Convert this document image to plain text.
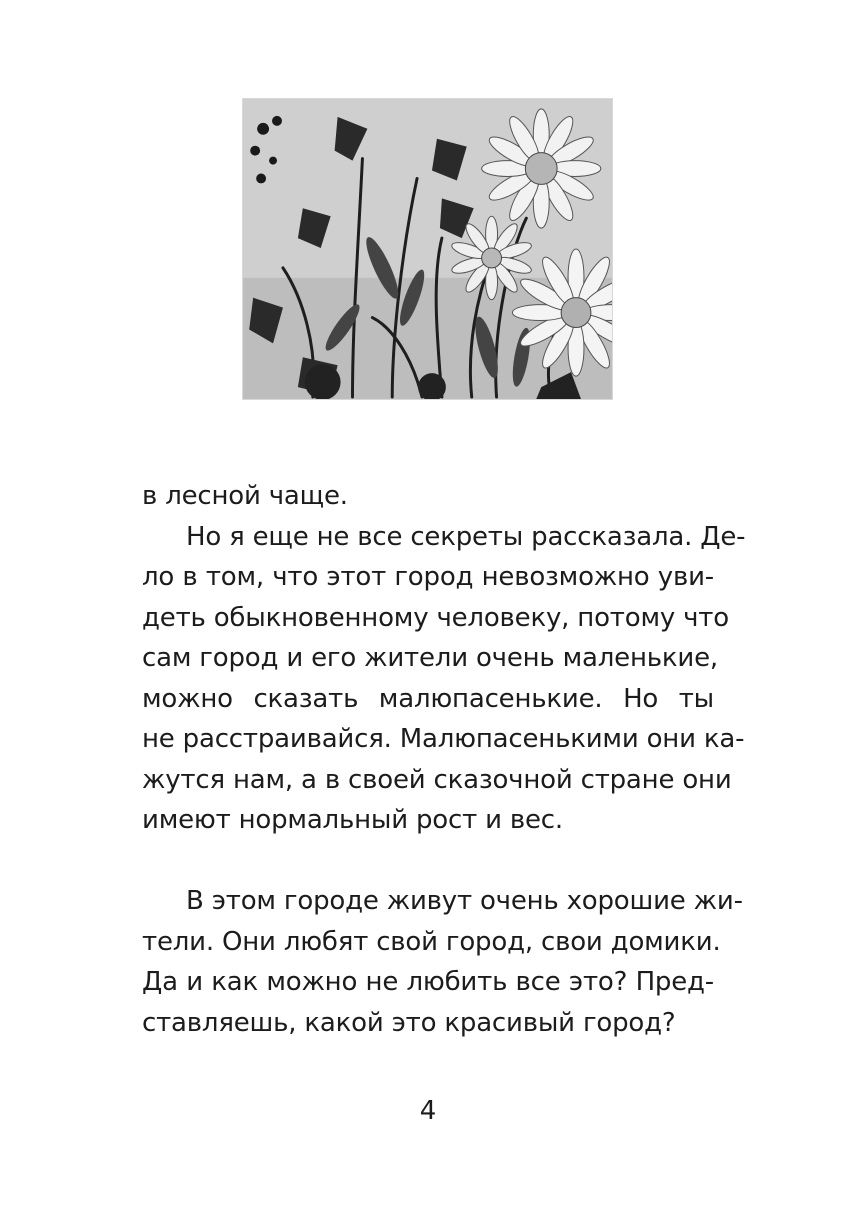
в лесной чаще.
Но я еще не все секреты рассказала. Де-
ло в том, что этот город невозможно уви-
деть обыкновенному человеку, потому что
сам город и его жители очень маленькие,
можно сказать малюпасенькие. Но ты
не расстраивайся. Малюпасенькими они ка-
жутся нам, а в своей сказочной стране они
имеют нормальный рост и вес.
В этом городе живут очень хорошие жи-
тели. Они любят свой город, свои домики.
Да и как можно не любить все это? Пред-
ставляешь, какой это красивый город?
4
